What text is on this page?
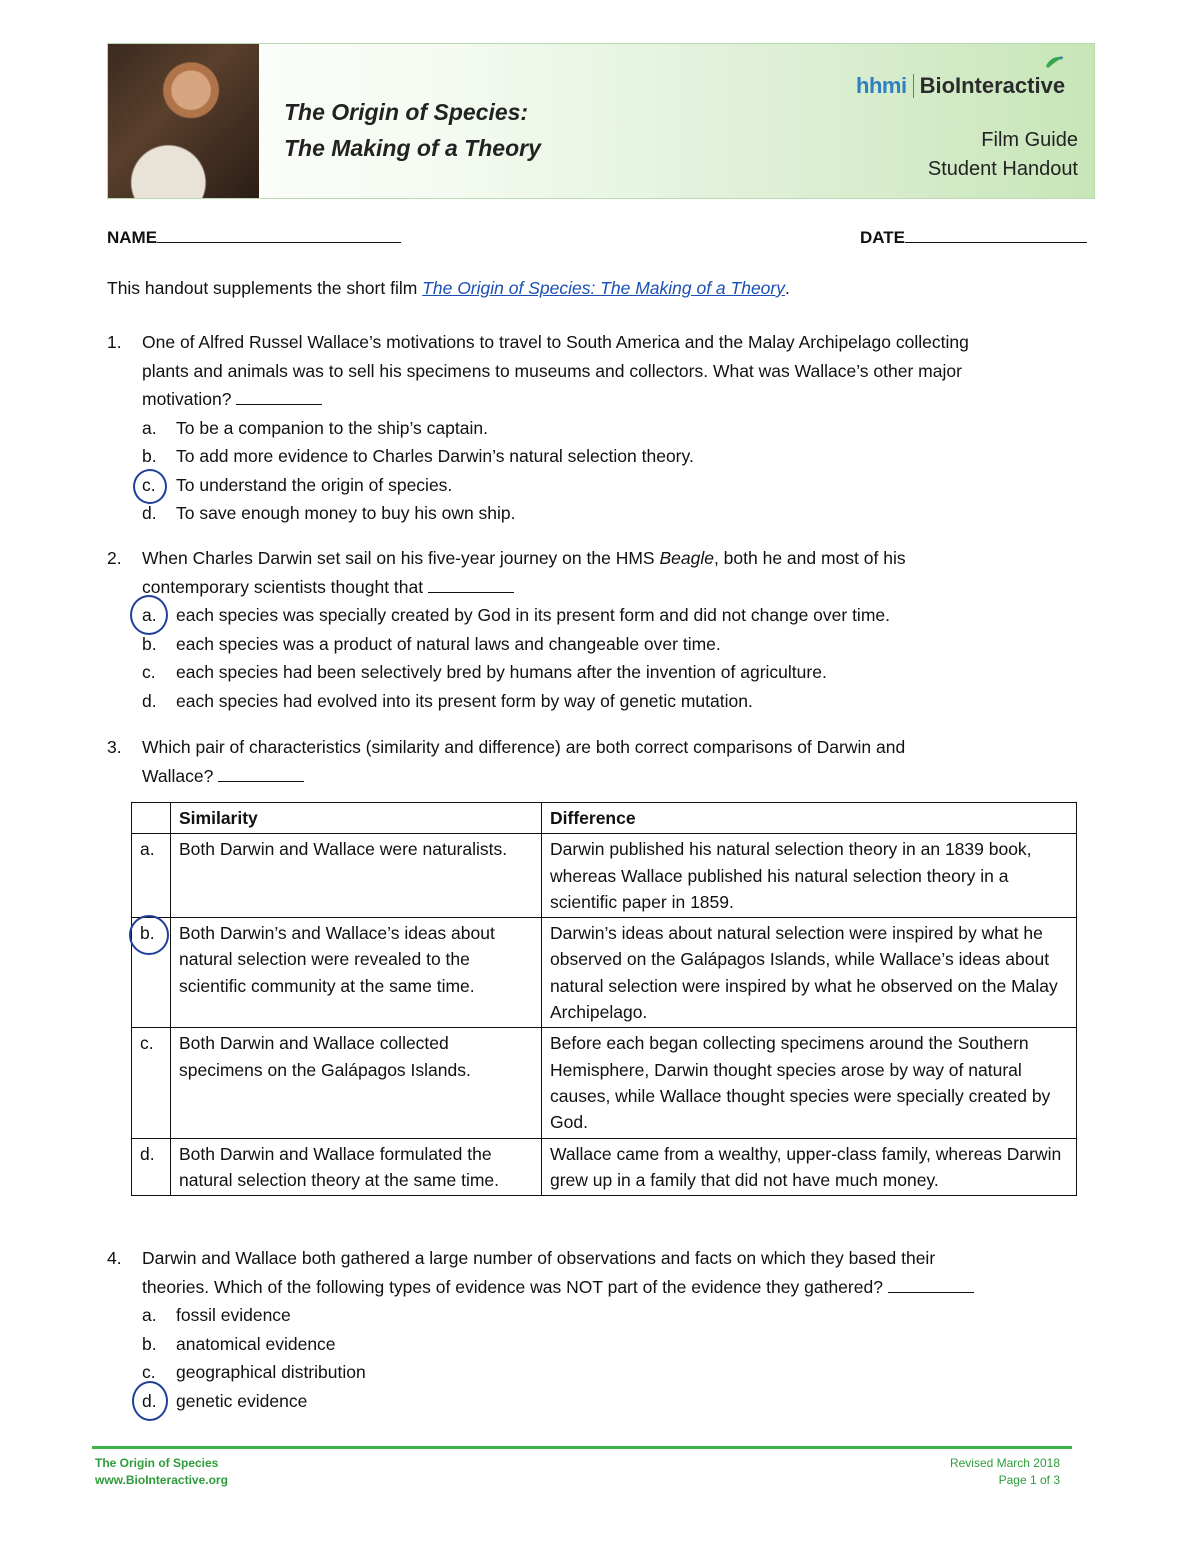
The Origin of Species:
The Making of a Theory
hhmi BioInteractive
Film Guide
Student Handout
NAME	DATE
This handout supplements the short film The Origin of Species: The Making of a Theory.
1. One of Alfred Russel Wallace’s motivations to travel to South America and the Malay Archipelago collecting
plants and animals was to sell his specimens to museums and collectors. What was Wallace’s other major
motivation?
a. To be a companion to the ship’s captain.
b. To add more evidence to Charles Darwin’s natural selection theory.
c. To understand the origin of species.
d. To save enough money to buy his own ship.
2. When Charles Darwin set sail on his five-year journey on the HMS Beagle, both he and most of his
contemporary scientists thought that
a. each species was specially created by God in its present form and did not change over time.
b. each species was a product of natural laws and changeable over time.
c. each species had been selectively bred by humans after the invention of agriculture.
d. each species had evolved into its present form by way of genetic mutation.
3. Which pair of characteristics (similarity and difference) are both correct comparisons of Darwin and
Wallace?
	Similarity	Difference
a.	Both Darwin and Wallace were naturalists.	Darwin published his natural selection theory in an 1839 book, whereas Wallace published his natural selection theory in a scientific paper in 1859.
b.	Both Darwin’s and Wallace’s ideas about natural selection were revealed to the scientific community at the same time.	Darwin’s ideas about natural selection were inspired by what he observed on the Galápagos Islands, while Wallace’s ideas about natural selection were inspired by what he observed on the Malay Archipelago.
c.	Both Darwin and Wallace collected specimens on the Galápagos Islands.	Before each began collecting specimens around the Southern Hemisphere, Darwin thought species arose by way of natural causes, while Wallace thought species were specially created by God.
d.	Both Darwin and Wallace formulated the natural selection theory at the same time.	Wallace came from a wealthy, upper-class family, whereas Darwin grew up in a family that did not have much money.
4. Darwin and Wallace both gathered a large number of observations and facts on which they based their
theories. Which of the following types of evidence was NOT part of the evidence they gathered?
a. fossil evidence
b. anatomical evidence
c. geographical distribution
d. genetic evidence
The Origin of Species
www.BioInteractive.org
Revised March 2018
Page 1 of 3
